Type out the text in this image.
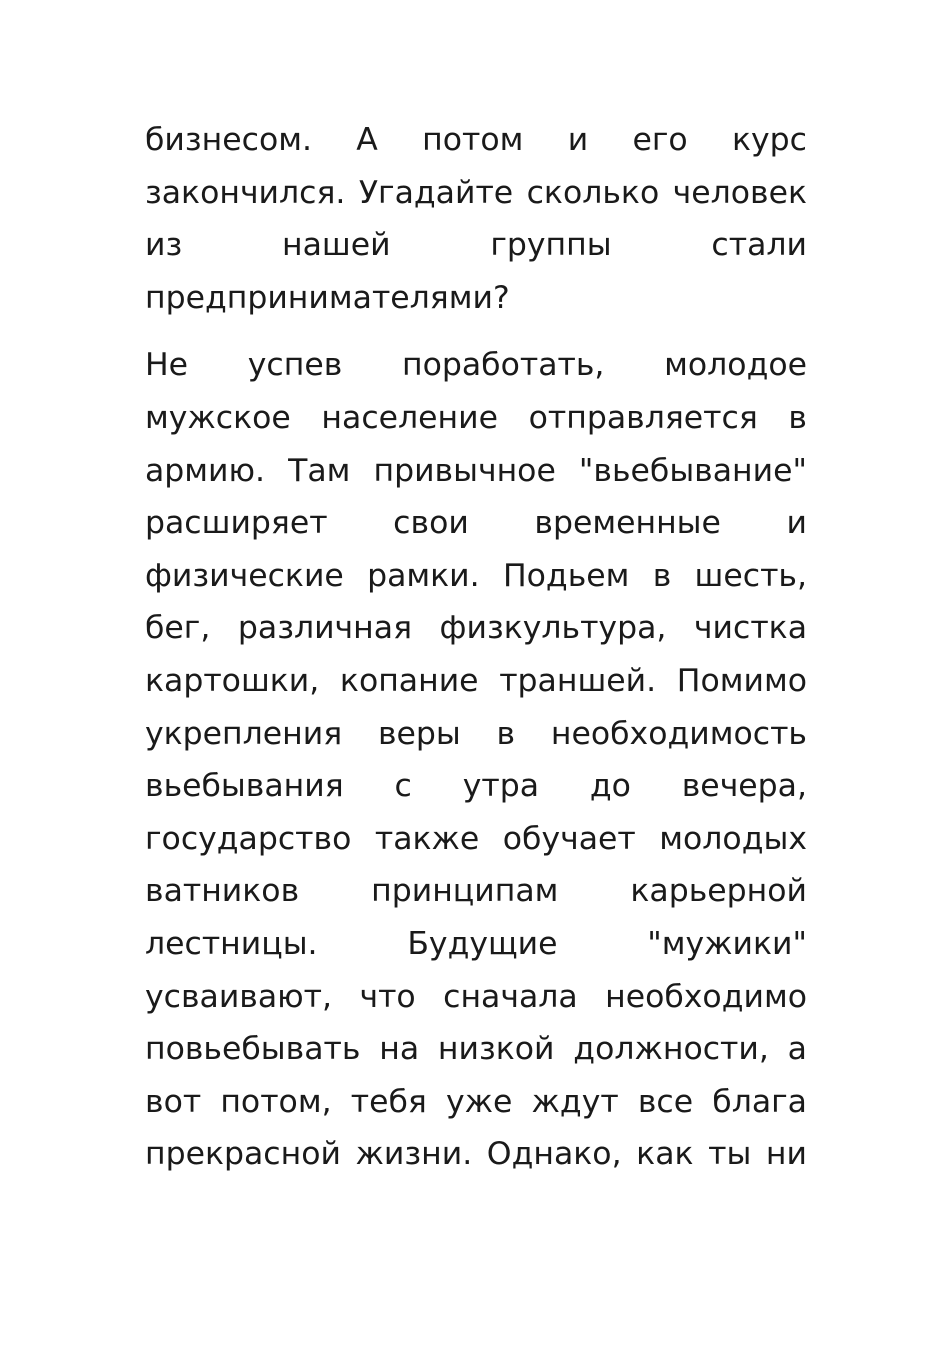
бизнесом. А потом и его курс
закончился. Угадайте сколько человек
из нашей группы стали
предпринимателями?
Не успев поработать, молодое
мужское население отправляется в
армию. Там привычное "вьебывание"
расширяет свои временные и
физические рамки. Подьем в шесть,
бег, различная физкультура, чистка
картошки, копание траншей. Помимо
укрепления веры в необходимость
вьебывания с утра до вечера,
государство также обучает молодых
ватников принципам карьерной
лестницы. Будущие "мужики"
усваивают, что сначала необходимо
повьебывать на низкой должности, а
вот потом, тебя уже ждут все блага
прекрасной жизни. Однако, как ты ни
